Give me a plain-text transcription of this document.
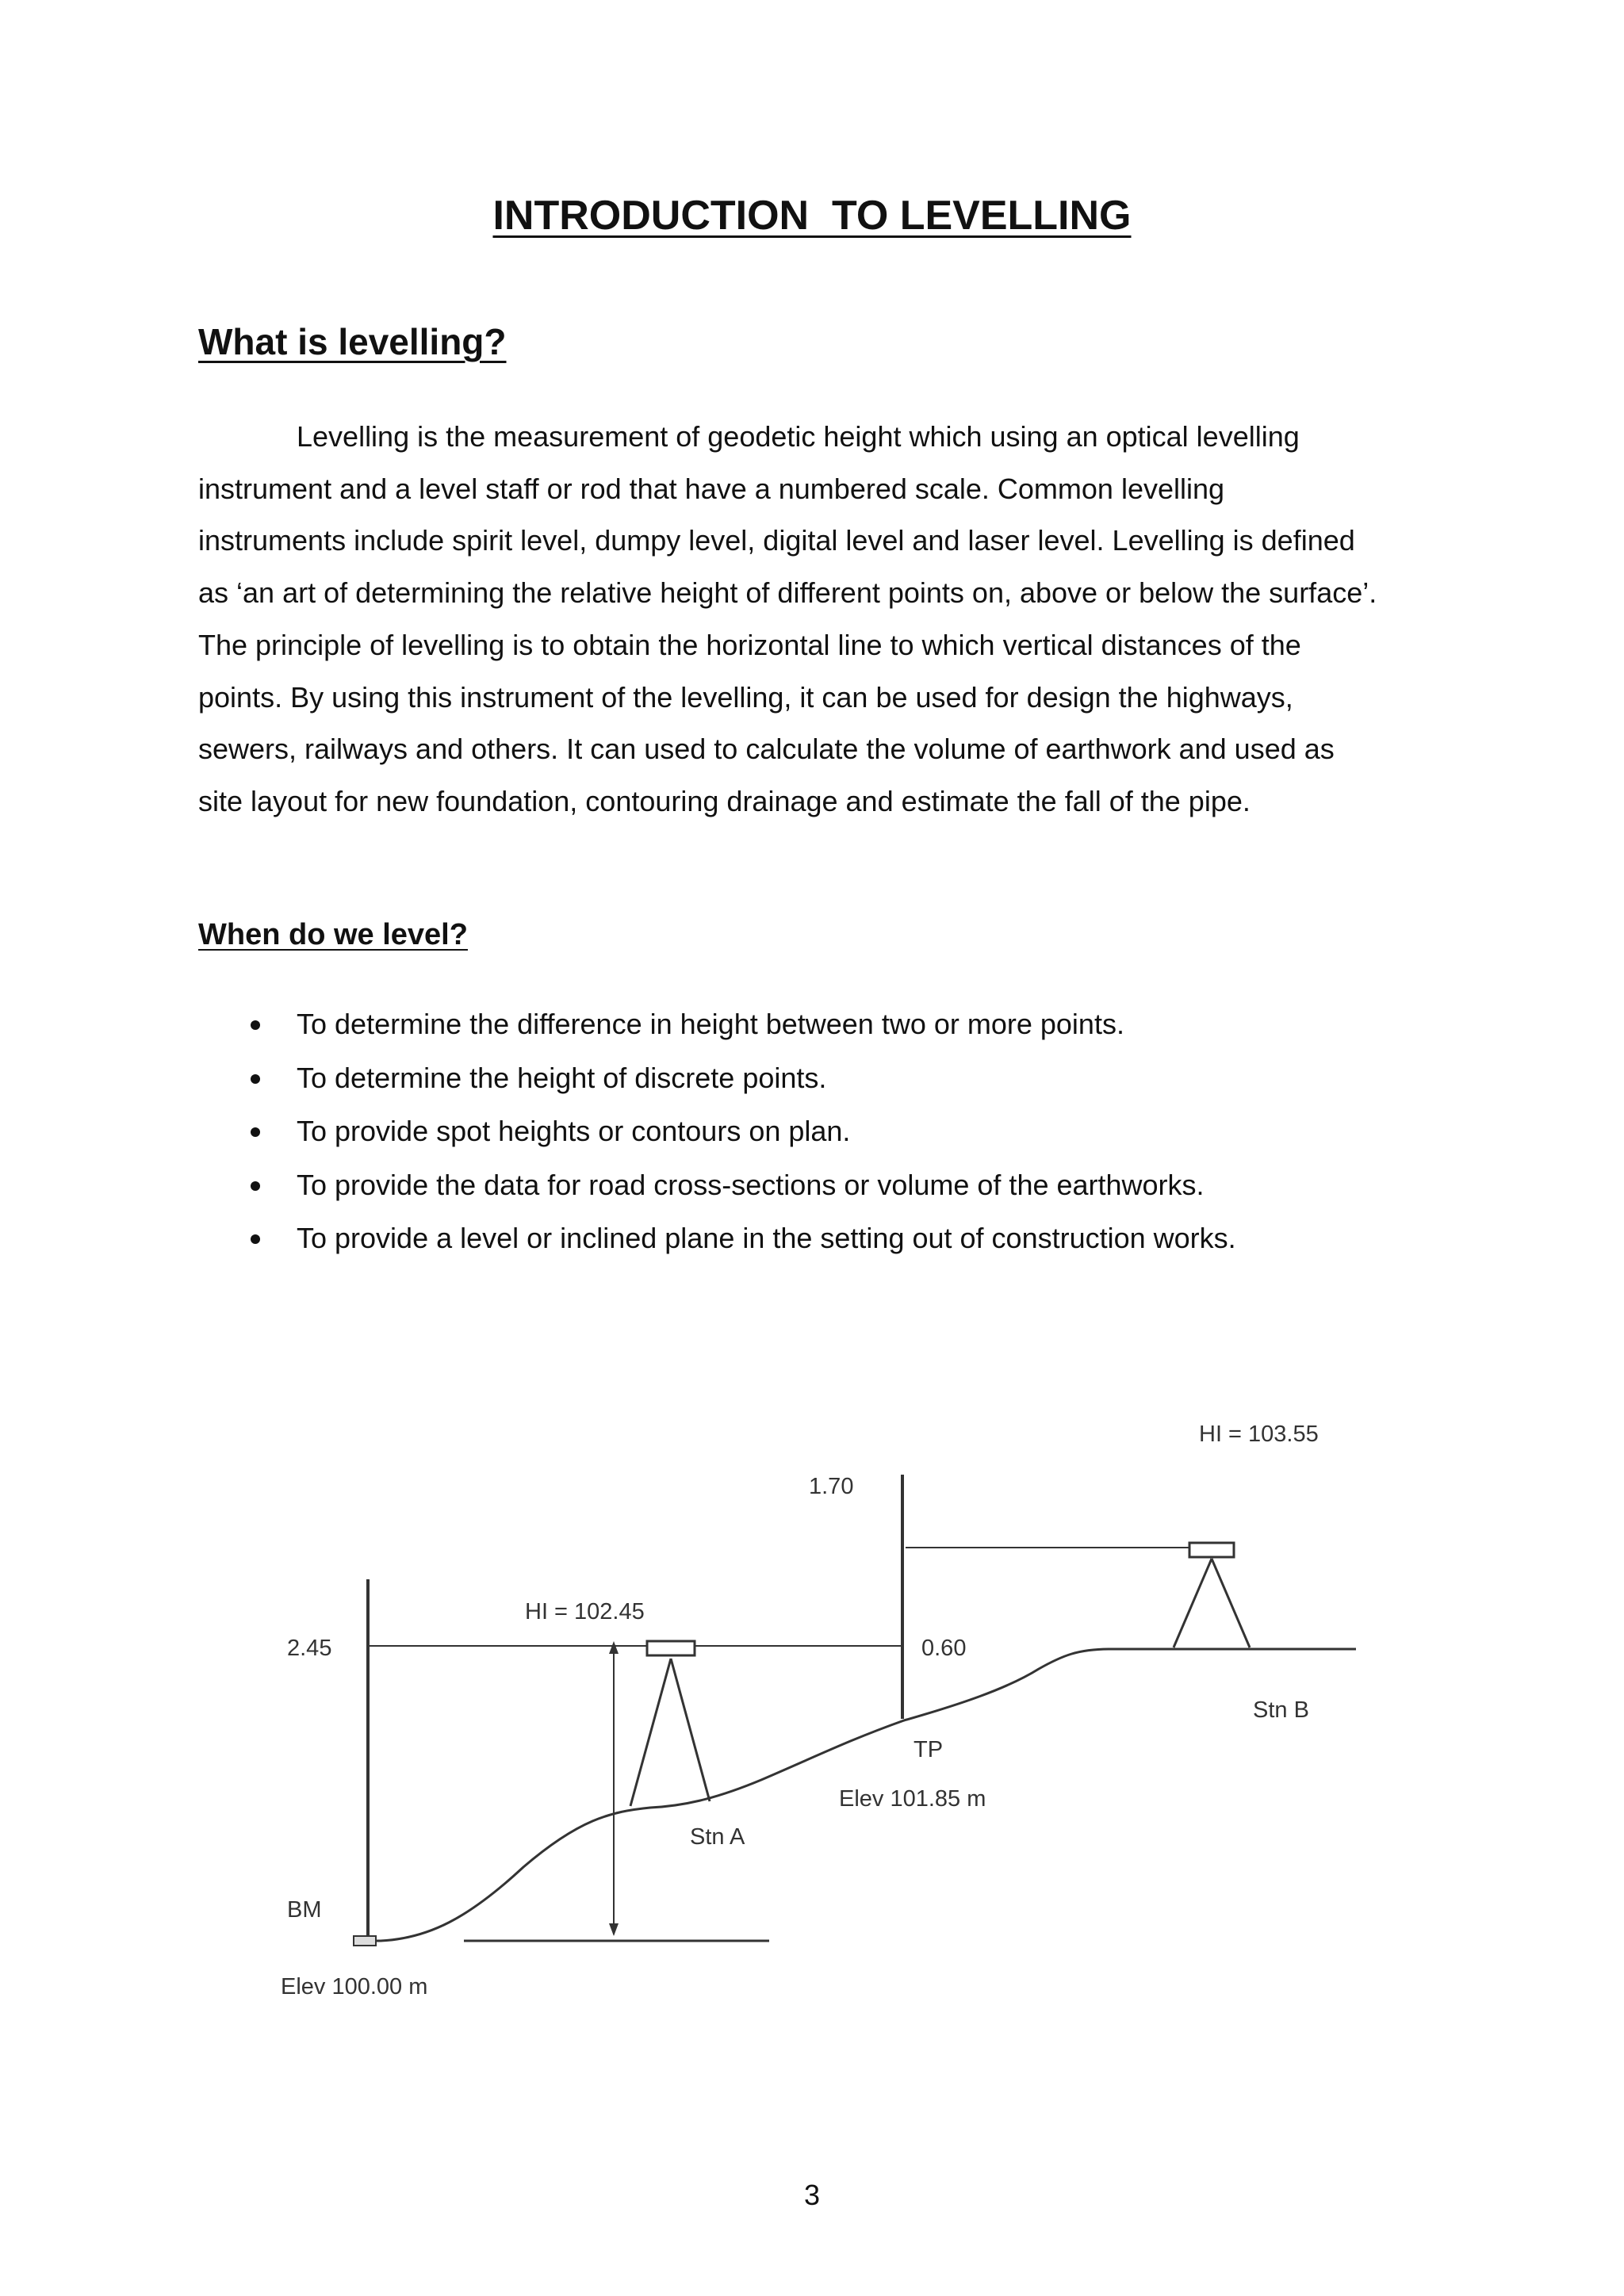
INTRODUCTION  TO LEVELLING
What is levelling?

Levelling is the measurement of geodetic height which using an optical levelling
instrument and a level staff or rod that have a numbered scale. Common levelling
instruments include spirit level, dumpy level, digital level and laser level. Levelling is defined
as ‘an art of determining the relative height of different points on, above or below the surface’.
The principle of levelling is to obtain the horizontal line to which vertical distances of the
points. By using this instrument of the levelling, it can be used for design the highways,
sewers, railways and others. It can used to calculate the volume of earthwork and used as
site layout for new foundation, contouring drainage and estimate the fall of the pipe.

When do we level?
To determine the difference in height between two or more points.
To determine the height of discrete points.
To provide spot heights or contours on plan.
To provide the data for road cross-sections or volume of the earthworks.
To provide a level or inclined plane in the setting out of construction works.
HI = 103.55
1.70
HI = 102.45
2.45	0.60
Stn B
TP
Elev 101.85 m
Stn A
BM
Elev 100.00 m

3
